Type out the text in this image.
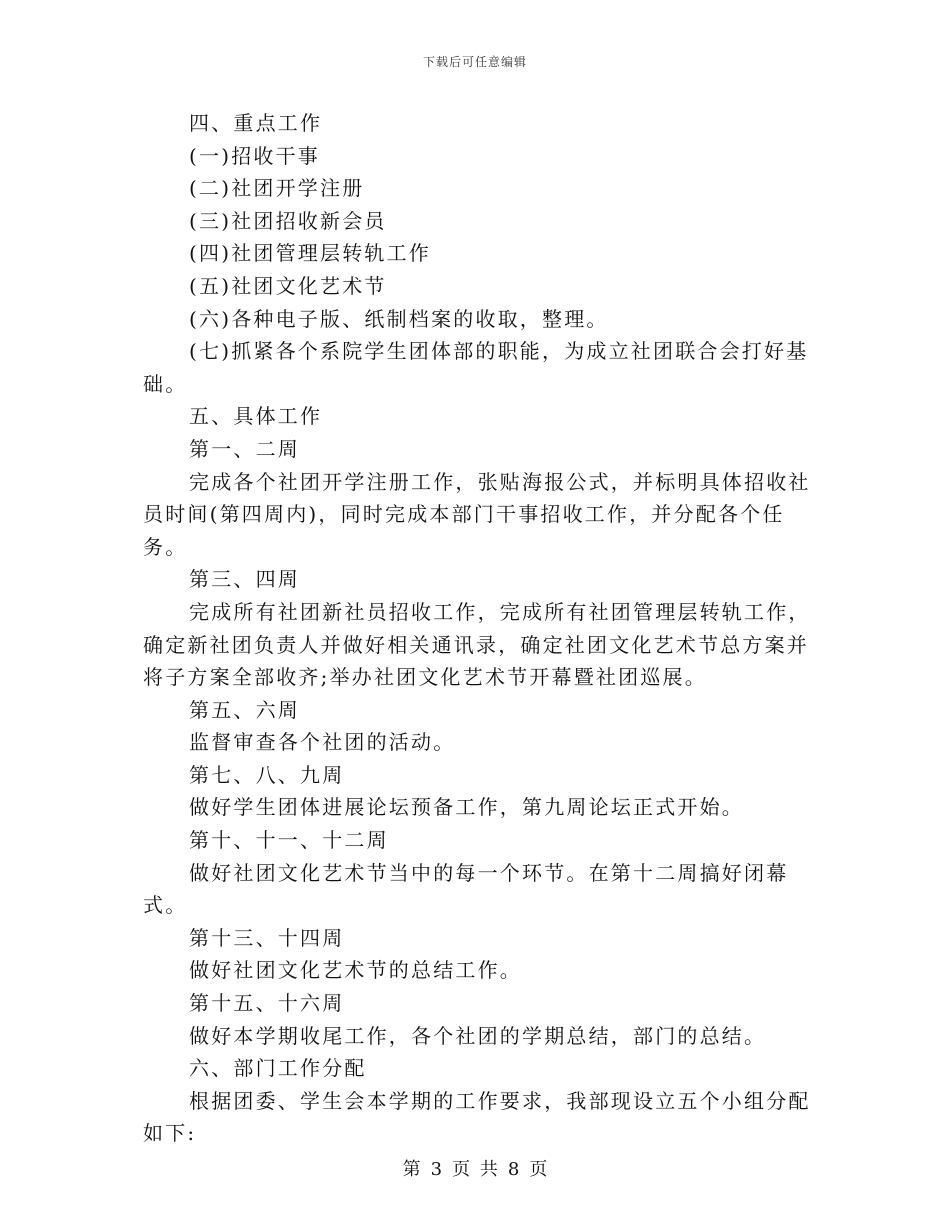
下载后可任意编辑

四、重点工作

(一)招收干事

(二)社团开学注册

(三)社团招收新会员

(四)社团管理层转轨工作

(五)社团文化艺术节

(六)各种电子版、纸制档案的收取，整理。

(七)抓紧各个系院学生团体部的职能，为成立社团联合会打好基础。

五、具体工作

第一、二周

完成各个社团开学注册工作，张贴海报公式，并标明具体招收社员时间(第四周内)，同时完成本部门干事招收工作，并分配各个任务。

第三、四周

完成所有社团新社员招收工作，完成所有社团管理层转轨工作，确定新社团负责人并做好相关通讯录，确定社团文化艺术节总方案并将子方案全部收齐;举办社团文化艺术节开幕暨社团巡展。

第五、六周

监督审查各个社团的活动。

第七、八、九周

做好学生团体进展论坛预备工作，第九周论坛正式开始。

第十、十一、十二周

做好社团文化艺术节当中的每一个环节。在第十二周搞好闭幕式。

第十三、十四周

做好社团文化艺术节的总结工作。

第十五、十六周

做好本学期收尾工作，各个社团的学期总结，部门的总结。

六、部门工作分配

根据团委、学生会本学期的工作要求，我部现设立五个小组分配如下:

第 3 页 共 8 页
